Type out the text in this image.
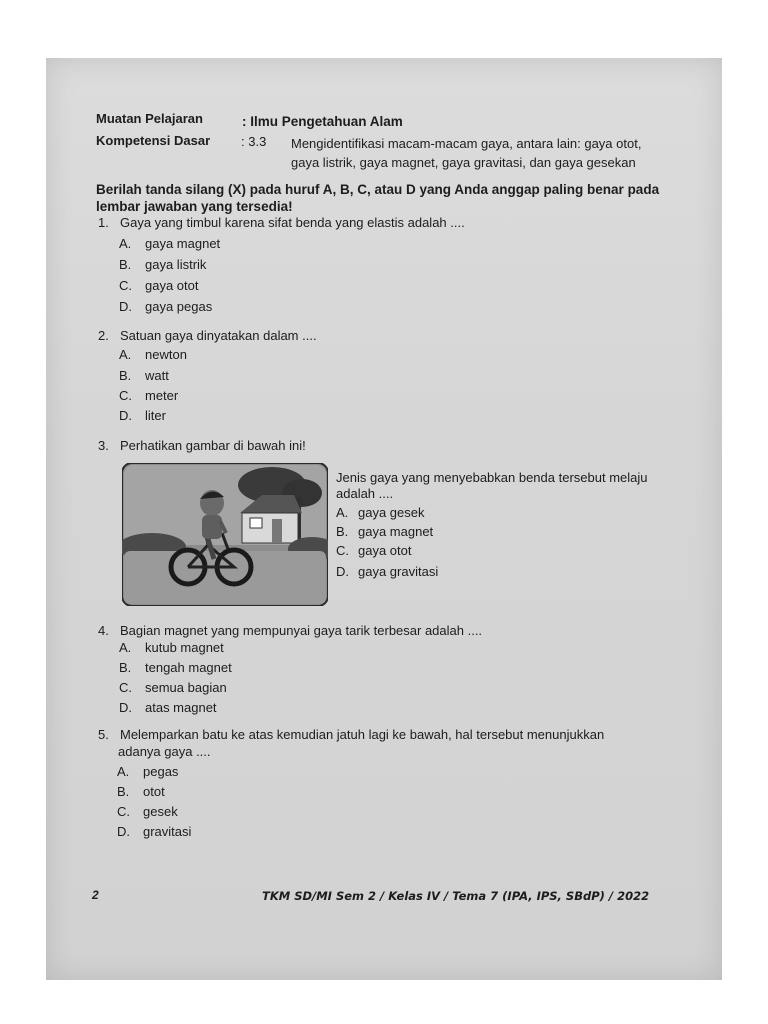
Muatan Pelajaran	: Ilmu Pengetahuan Alam
Kompetensi Dasar : 3.3 Mengidentifikasi macam-macam gaya, antara lain: gaya otot,
gaya listrik, gaya magnet, gaya gravitasi, dan gaya gesekan
Berilah tanda silang (X) pada huruf A, B, C, atau D yang Anda anggap paling benar pada lembar jawaban yang tersedia!
1. Gaya yang timbul karena sifat benda yang elastis adalah ....
A. gaya magnet
B. gaya listrik
C. gaya otot
D. gaya pegas
2. Satuan gaya dinyatakan dalam ....
A. newton
B. watt
C. meter
D. liter
3. Perhatikan gambar di bawah ini!
Jenis gaya yang menyebabkan benda tersebut melaju
adalah ....
A. gaya gesek
B. gaya magnet
C. gaya otot
D. gaya gravitasi
4. Bagian magnet yang mempunyai gaya tarik terbesar adalah ....
A. kutub magnet
B. tengah magnet
C. semua bagian
D. atas magnet
5. Melemparkan batu ke atas kemudian jatuh lagi ke bawah, hal tersebut menunjukkan
adanya gaya ....
A. pegas
B. otot
C. gesek
D. gravitasi
2	TKM SD/MI Sem 2 / Kelas IV / Tema 7 (IPA, IPS, SBdP) / 2022
